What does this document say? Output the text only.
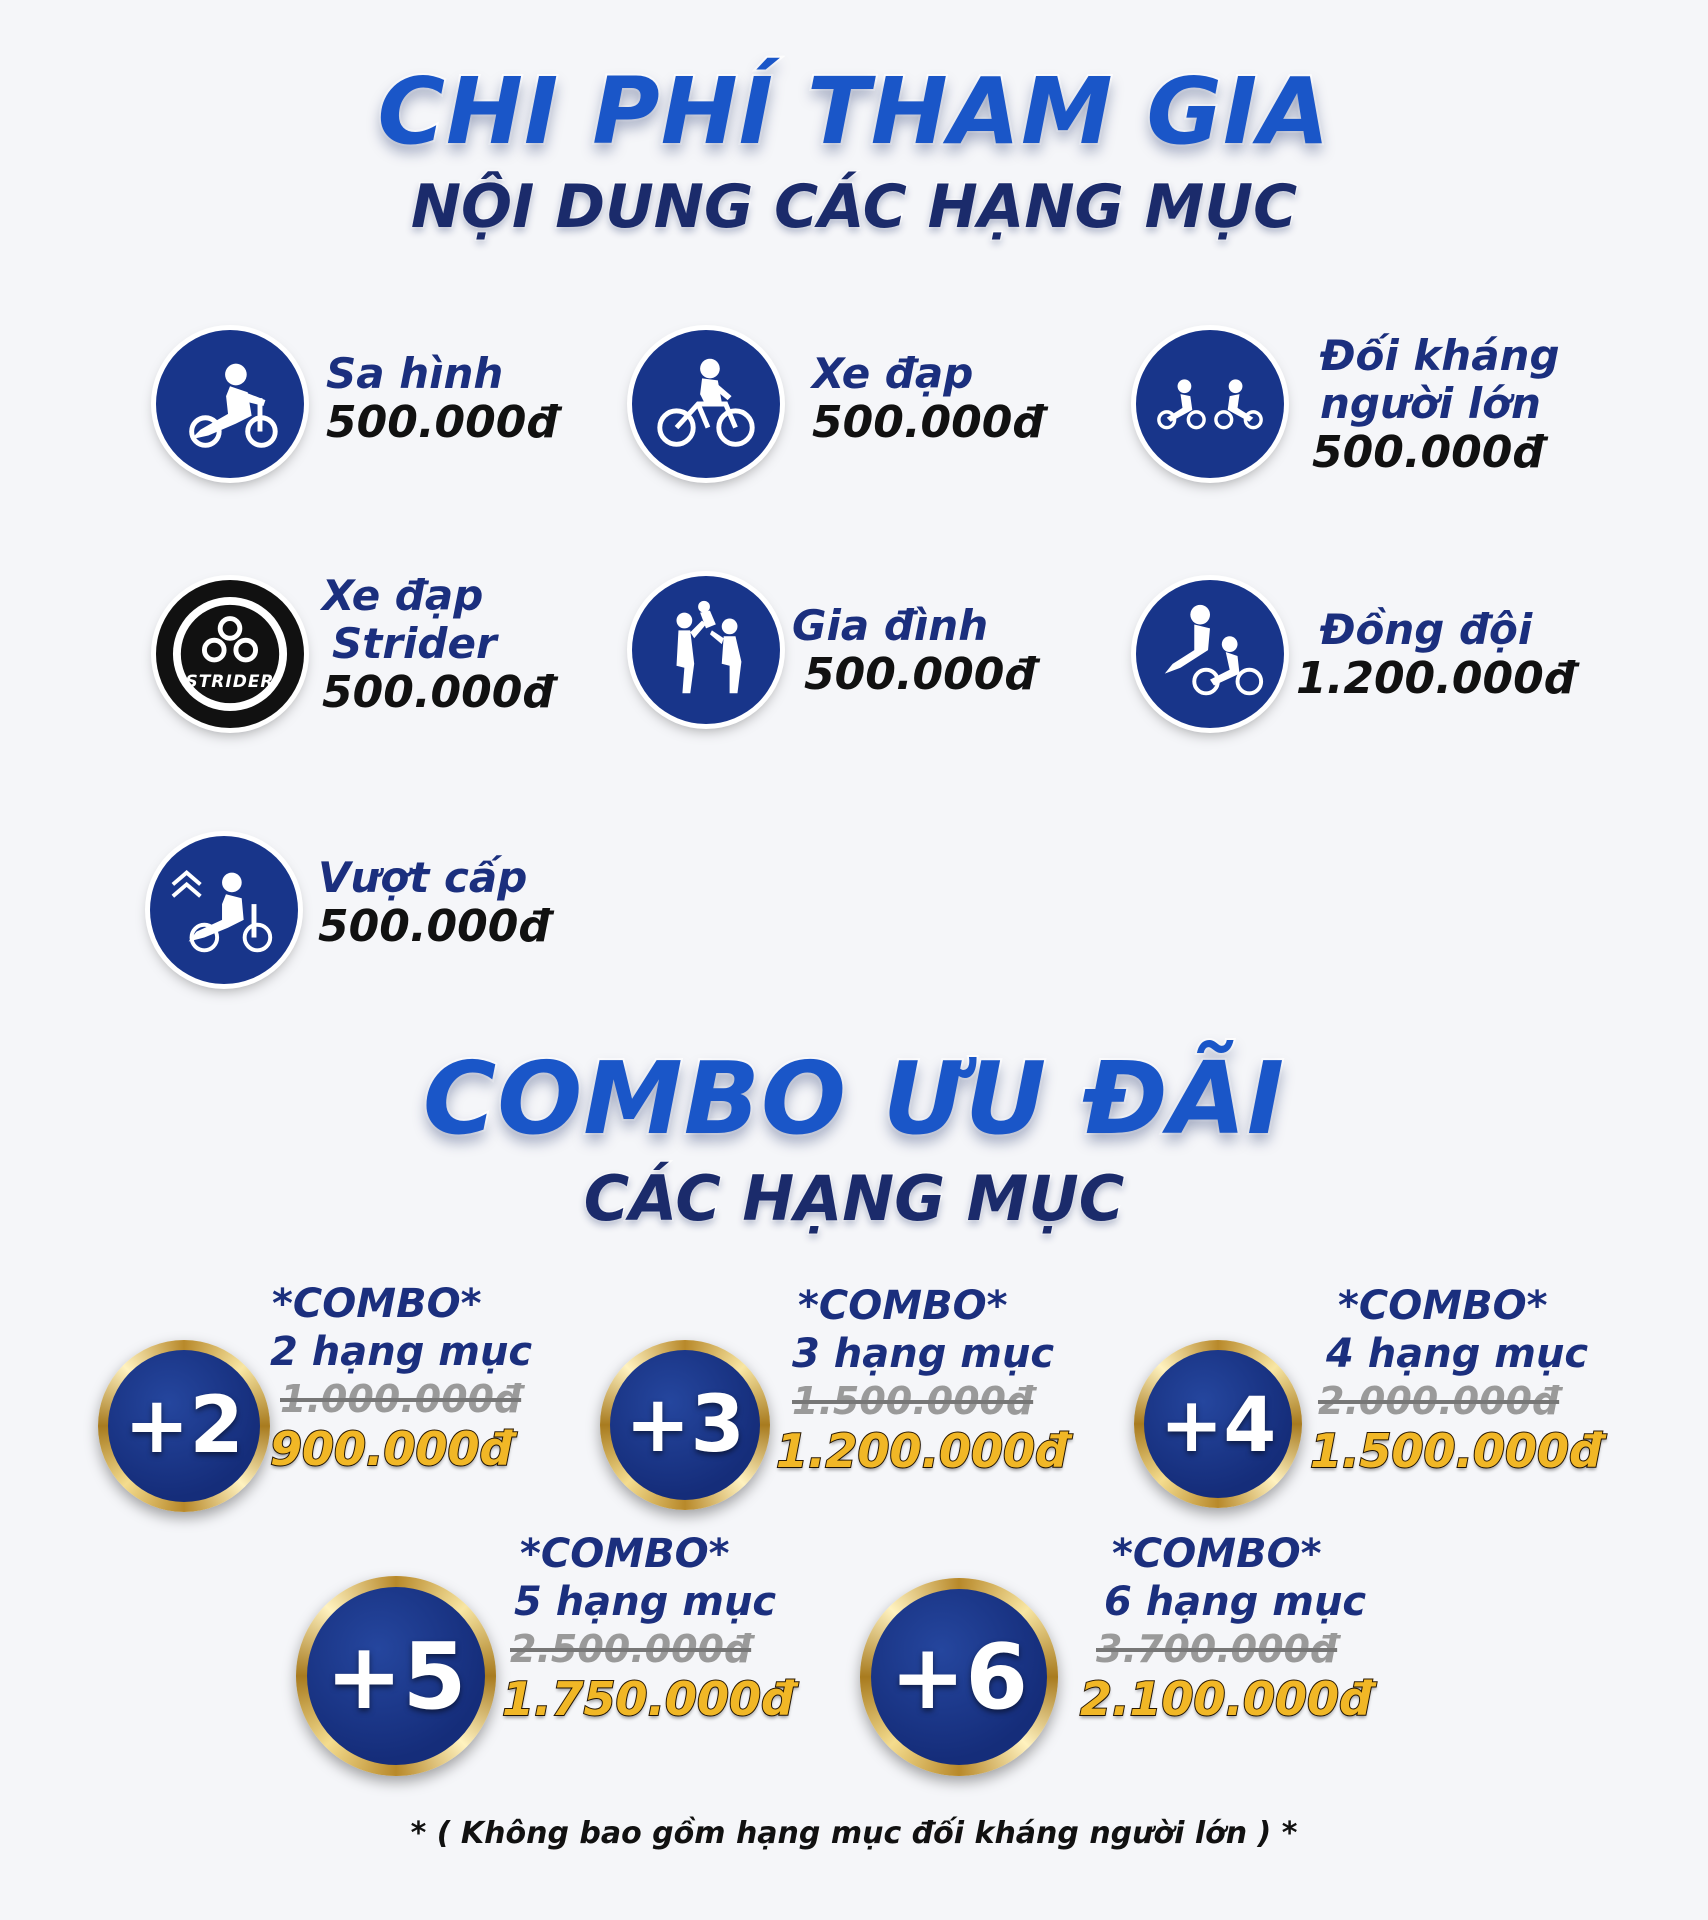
CHI PHÍ THAM GIA
NỘI DUNG CÁC HẠNG MỤC
Sa hình
500.000đ
Xe đạp
500.000đ
Đối kháng
người lớn
500.000đ
STRIDER
Xe đạp
Strider
500.000đ
Gia đình
500.000đ
Đồng đội
1.200.000đ
Vượt cấp
500.000đ
COMBO ƯU ĐÃI
CÁC HẠNG MỤC
+2
*COMBO*
2 hạng mục
1.000.000đ
900.000đ	+3
*COMBO*
3 hạng mục
1.500.000đ
1.200.000đ	+4
*COMBO*
4 hạng mục
2.000.000đ
1.500.000đ
+5
*COMBO*
5 hạng mục
2.500.000đ
1.750.000đ	+6
*COMBO*
6 hạng mục
3.700.000đ
2.100.000đ
* ( Không bao gồm hạng mục đối kháng người lớn ) *
